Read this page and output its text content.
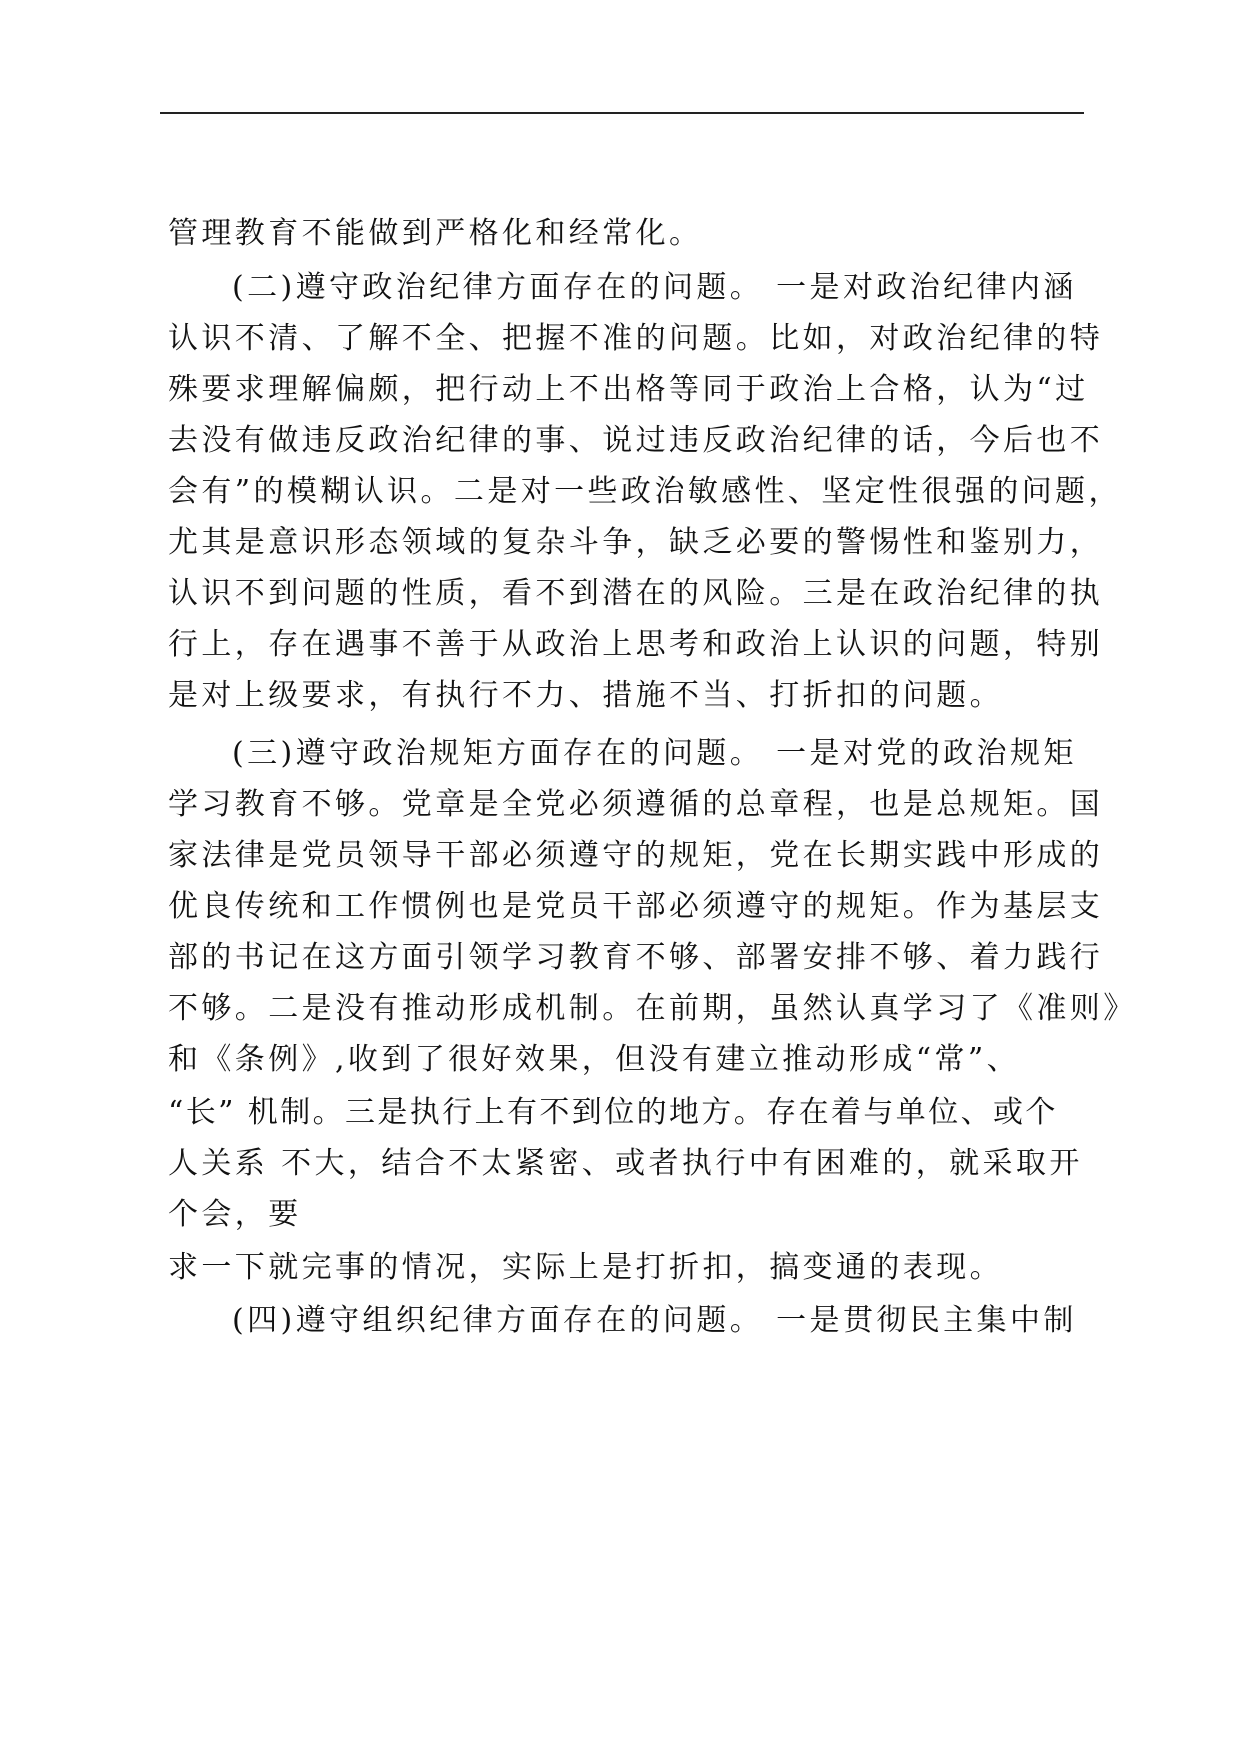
管理教育不能做到严格化和经常化。
(二)遵守政治纪律方面存在的问题。 一是对政治纪律内涵
认识不清、了解不全、把握不准的问题。比如，对政治纪律的特
殊要求理解偏颇，把行动上不出格等同于政治上合格，认为“过
去没有做违反政治纪律的事、说过违反政治纪律的话，今后也不
会有”的模糊认识。二是对一些政治敏感性、坚定性很强的问题，
尤其是意识形态领域的复杂斗争，缺乏必要的警惕性和鉴别力，
认识不到问题的性质，看不到潜在的风险。三是在政治纪律的执
行上，存在遇事不善于从政治上思考和政治上认识的问题，特别
是对上级要求，有执行不力、措施不当、打折扣的问题。
(三)遵守政治规矩方面存在的问题。 一是对党的政治规矩
学习教育不够。党章是全党必须遵循的总章程，也是总规矩。国
家法律是党员领导干部必须遵守的规矩，党在长期实践中形成的
优良传统和工作惯例也是党员干部必须遵守的规矩。作为基层支
部的书记在这方面引领学习教育不够、部署安排不够、着力践行
不够。二是没有推动形成机制。在前期，虽然认真学习了《准则》
和《条例》,收到了很好效果，但没有建立推动形成“常”、
“长” 机制。三是执行上有不到位的地方。存在着与单位、或个
人关系 不大，结合不太紧密、或者执行中有困难的，就采取开
个会，要
求一下就完事的情况，实际上是打折扣，搞变通的表现。
(四)遵守组织纪律方面存在的问题。 一是贯彻民主集中制
